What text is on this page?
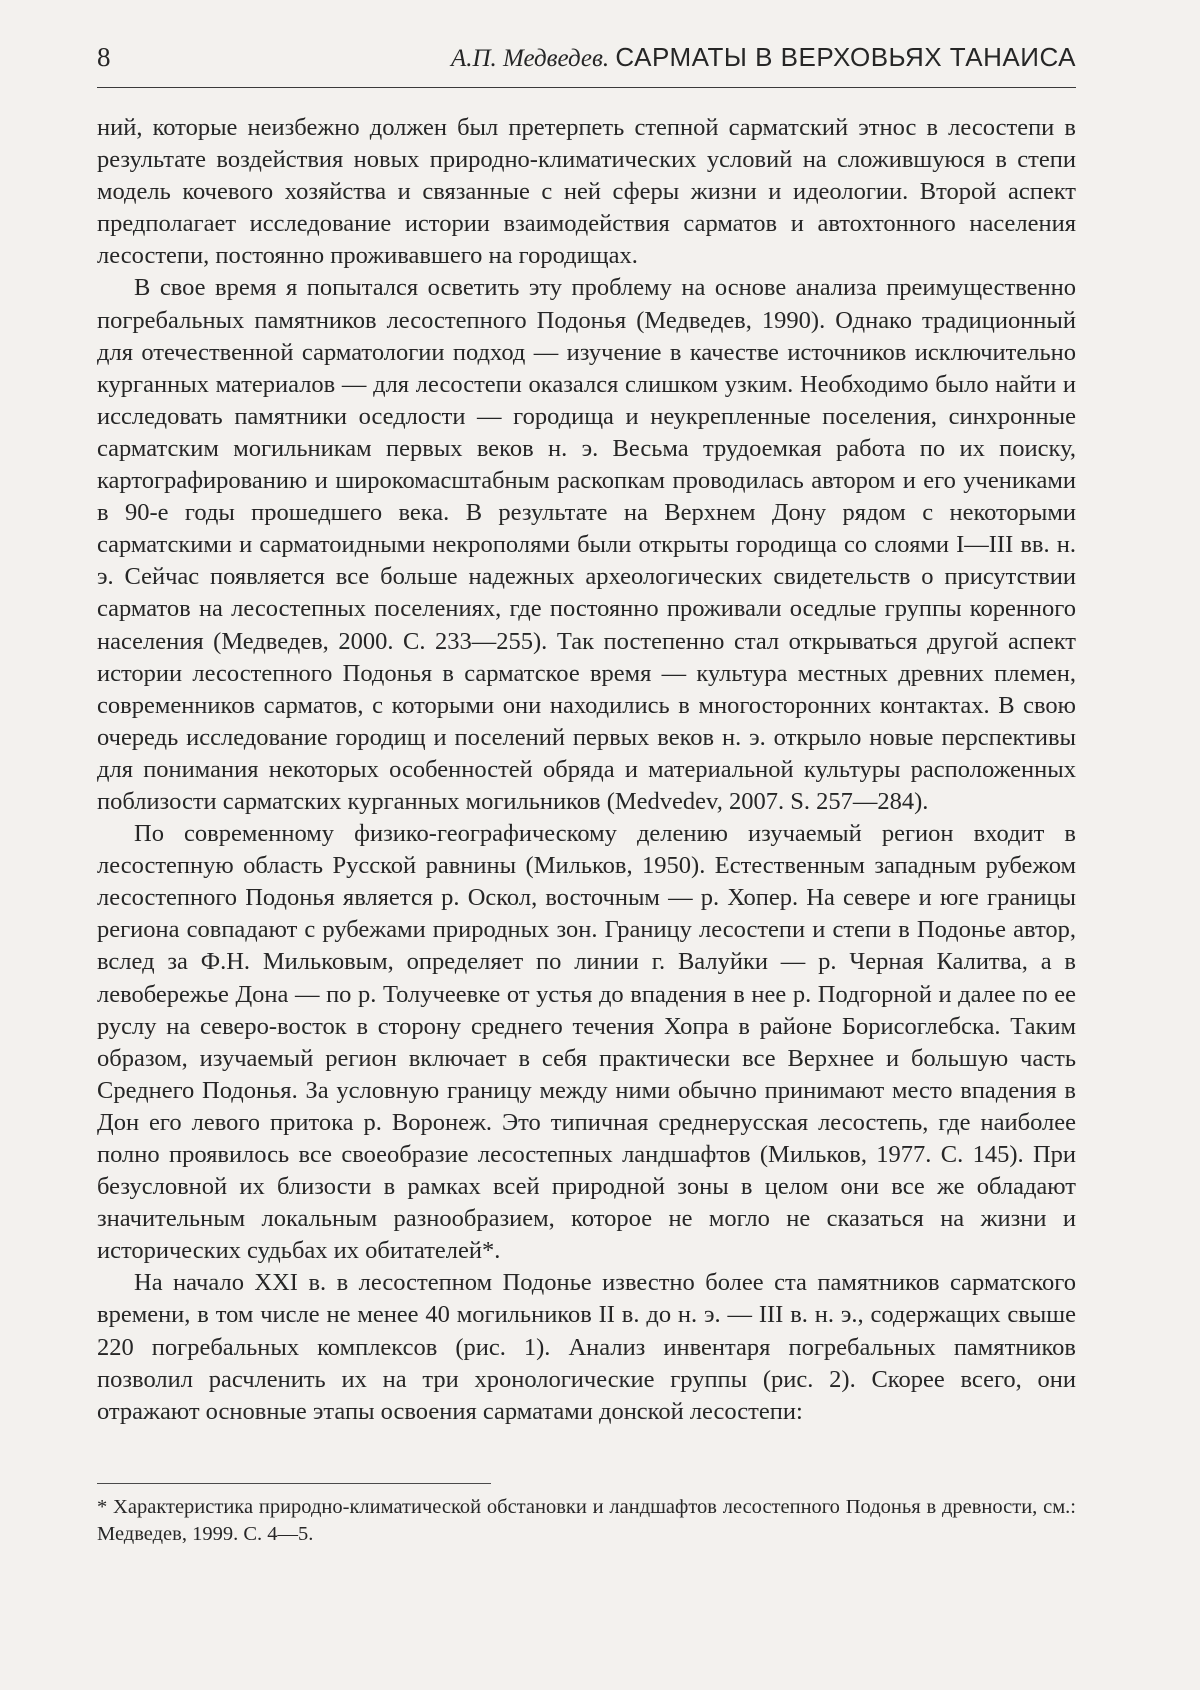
8	А.П. Медведев. САРМАТЫ В ВЕРХОВЬЯХ ТАНАИСА

ний, которые неизбежно должен был претерпеть степной сарматский этнос в лесостепи в результате воздействия новых природно-климатических условий на сложившуюся в степи модель кочевого хозяйства и связанные с ней сферы жизни и идеологии. Второй аспект предполагает исследование истории взаимодействия сарматов и автохтонного населения лесостепи, постоянно проживавшего на городищах.

В свое время я попытался осветить эту проблему на основе анализа преимущественно погребальных памятников лесостепного Подонья (Медведев, 1990). Однако традиционный для отечественной сарматологии подход — изучение в качестве источников исключительно курганных материалов — для лесостепи оказался слишком узким. Необходимо было найти и исследовать памятники оседлости — городища и неукрепленные поселения, синхронные сарматским могильникам первых веков н. э. Весьма трудоемкая работа по их поиску, картографированию и широкомасштабным раскопкам проводилась автором и его учениками в 90-е годы прошедшего века. В результате на Верхнем Дону рядом с некоторыми сарматскими и сарматоидными некрополями были открыты городища со слоями I—III вв. н. э. Сейчас появляется все больше надежных археологических свидетельств о присутствии сарматов на лесостепных поселениях, где постоянно проживали оседлые группы коренного населения (Медведев, 2000. С. 233—255). Так постепенно стал открываться другой аспект истории лесостепного Подонья в сарматское время — культура местных древних племен, современников сарматов, с которыми они находились в многосторонних контактах. В свою очередь исследование городищ и поселений первых веков н. э. открыло новые перспективы для понимания некоторых особенностей обряда и материальной культуры расположенных поблизости сарматских курганных могильников (Medvedev, 2007. S. 257—284).

По современному физико-географическому делению изучаемый регион входит в лесостепную область Русской равнины (Мильков, 1950). Естественным западным рубежом лесостепного Подонья является р. Оскол, восточным — р. Хопер. На севере и юге границы региона совпадают с рубежами природных зон. Границу лесостепи и степи в Подонье автор, вслед за Ф.Н. Мильковым, определяет по линии г. Валуйки — р. Черная Калитва, а в левобережье Дона — по р. Толучеевке от устья до впадения в нее р. Подгорной и далее по ее руслу на северо-восток в сторону среднего течения Хопра в районе Борисоглебска. Таким образом, изучаемый регион включает в себя практически все Верхнее и большую часть Среднего Подонья. За условную границу между ними обычно принимают место впадения в Дон его левого притока р. Воронеж. Это типичная среднерусская лесостепь, где наиболее полно проявилось все своеобразие лесостепных ландшафтов (Мильков, 1977. С. 145). При безусловной их близости в рамках всей природной зоны в целом они все же обладают значительным локальным разнообразием, которое не могло не сказаться на жизни и исторических судьбах их обитателей*.

На начало XXI в. в лесостепном Подонье известно более ста памятников сарматского времени, в том числе не менее 40 могильников II в. до н. э. — III в. н. э., содержащих свыше 220 погребальных комплексов (рис. 1). Анализ инвентаря погребальных памятников позволил расчленить их на три хронологические группы (рис. 2). Скорее всего, они отражают основные этапы освоения сарматами донской лесостепи:

* Характеристика природно-климатической обстановки и ландшафтов лесостепного Подонья в древности, см.: Медведев, 1999. С. 4—5.
